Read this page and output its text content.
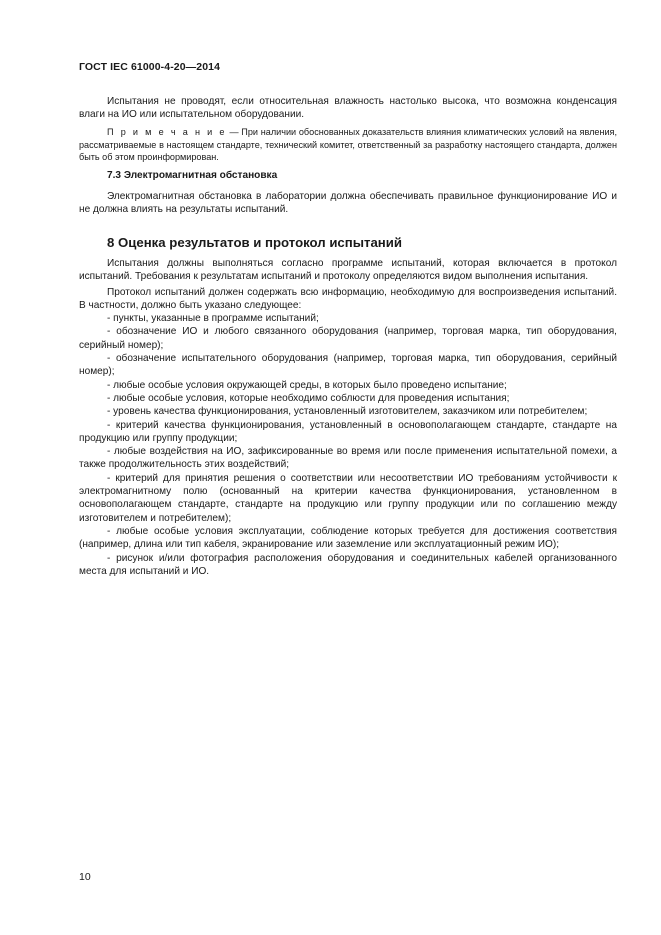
ГОСТ IEC 61000-4-20—2014

Испытания не проводят, если относительная влажность настолько высока, что возможна конденсация влаги на ИО или испытательном оборудовании.

П р и м е ч а н и е — При наличии обоснованных доказательств влияния климатических условий на явления, рассматриваемые в настоящем стандарте, технический комитет, ответственный за разработку настоящего стандарта, должен быть об этом проинформирован.

7.3 Электромагнитная обстановка

Электромагнитная обстановка в лаборатории должна обеспечивать правильное функционирование ИО и не должна влиять на результаты испытаний.

8 Оценка результатов и протокол испытаний

Испытания должны выполняться согласно программе испытаний, которая включается в протокол испытаний. Требования к результатам испытаний и протоколу определяются видом выполнения испытания.

Протокол испытаний должен содержать всю информацию, необходимую для воспроизведения испытаний. В частности, должно быть указано следующее:

- пункты, указанные в программе испытаний;

- обозначение ИО и любого связанного оборудования (например, торговая марка, тип оборудования, серийный номер);

- обозначение испытательного оборудования (например, торговая марка, тип оборудования, серийный номер);

- любые особые условия окружающей среды, в которых было проведено испытание;

- любые особые условия, которые необходимо соблюсти для проведения испытания;

- уровень качества функционирования, установленный изготовителем, заказчиком или потребителем;

- критерий качества функционирования, установленный в основополагающем стандарте, стандарте на продукцию или группу продукции;

- любые воздействия на ИО, зафиксированные во время или после применения испытательной помехи, а также продолжительность этих воздействий;

- критерий для принятия решения о соответствии или несоответствии ИО требованиям устойчивости к электромагнитному полю (основанный на критерии качества функционирования, установленном в основополагающем стандарте, стандарте на продукцию или группу продукции или по соглашению между изготовителем и потребителем);

- любые особые условия эксплуатации, соблюдение которых требуется для достижения соответствия (например, длина или тип кабеля, экранирование или заземление или эксплуатационный режим ИО);

- рисунок и/или фотография расположения оборудования и соединительных кабелей организованного места для испытаний и ИО.

10
